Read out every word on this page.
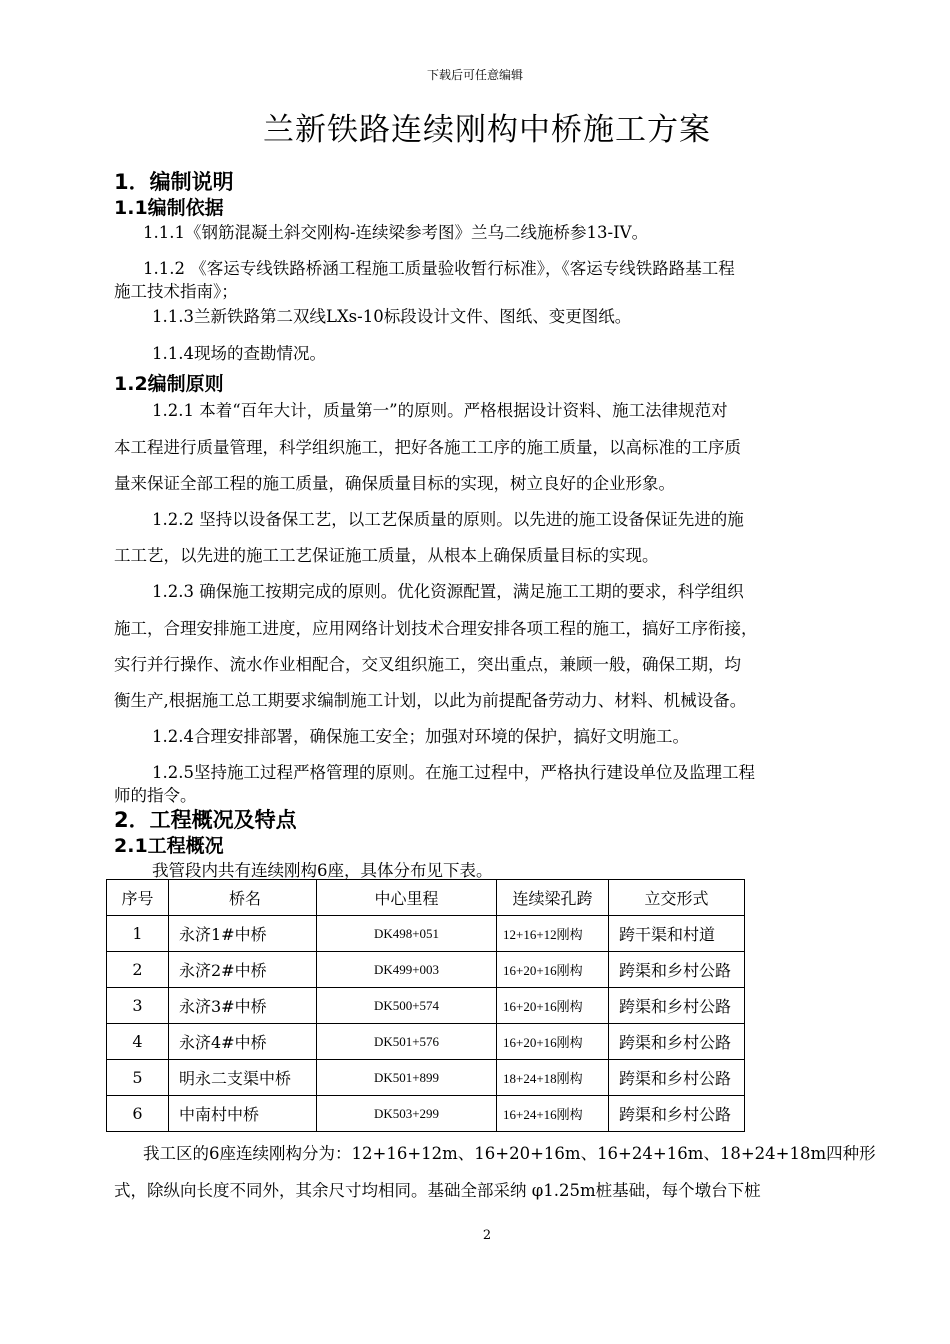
下载后可任意编辑
兰新铁路连续刚构中桥施工方案
1．编制说明
1.1编制依据
1.1.1《钢筋混凝土斜交刚构-连续梁参考图》兰乌二线施桥参13-IV。
1.1.2 《客运专线铁路桥涵工程施工质量验收暂行标准》，《客运专线铁路路基工程
施工技术指南》；
1.1.3兰新铁路第二双线LXs-10标段设计文件、图纸、变更图纸。
1.1.4现场的查勘情况。
1.2编制原则
1.2.1 本着“百年大计，质量第一”的原则。严格根据设计资料、施工法律规范对
本工程进行质量管理，科学组织施工，把好各施工工序的施工质量，以高标准的工序质
量来保证全部工程的施工质量，确保质量目标的实现，树立良好的企业形象。
1.2.2 坚持以设备保工艺，以工艺保质量的原则。以先进的施工设备保证先进的施
工工艺，以先进的施工工艺保证施工质量，从根本上确保质量目标的实现。
1.2.3 确保施工按期完成的原则。优化资源配置，满足施工工期的要求，科学组织
施工，合理安排施工进度，应用网络计划技术合理安排各项工程的施工，搞好工序衔接，
实行并行操作、流水作业相配合，交叉组织施工，突出重点，兼顾一般，确保工期，均
衡生产,根据施工总工期要求编制施工计划，以此为前提配备劳动力、材料、机械设备。
1.2.4合理安排部署，确保施工安全；加强对环境的保护，搞好文明施工。
1.2.5坚持施工过程严格管理的原则。在施工过程中，严格执行建设单位及监理工程
师的指令。
2．工程概况及特点
2.1工程概况
我管段内共有连续刚构6座，具体分布见下表。
序号	桥名	中心里程	连续梁孔跨	立交形式
1	永济1#中桥	DK498+051	12+16+12刚构	跨干渠和村道
2	永济2#中桥	DK499+003	16+20+16刚构	跨渠和乡村公路
3	永济3#中桥	DK500+574	16+20+16刚构	跨渠和乡村公路
4	永济4#中桥	DK501+576	16+20+16刚构	跨渠和乡村公路
5	明永二支渠中桥	DK501+899	18+24+18刚构	跨渠和乡村公路
6	中南村中桥	DK503+299	16+24+16刚构	跨渠和乡村公路
我工区的6座连续刚构分为：12+16+12m、16+20+16m、16+24+16m、18+24+18m四种形
式，除纵向长度不同外，其余尺寸均相同。基础全部采纳 φ1.25m桩基础，每个墩台下桩
2
